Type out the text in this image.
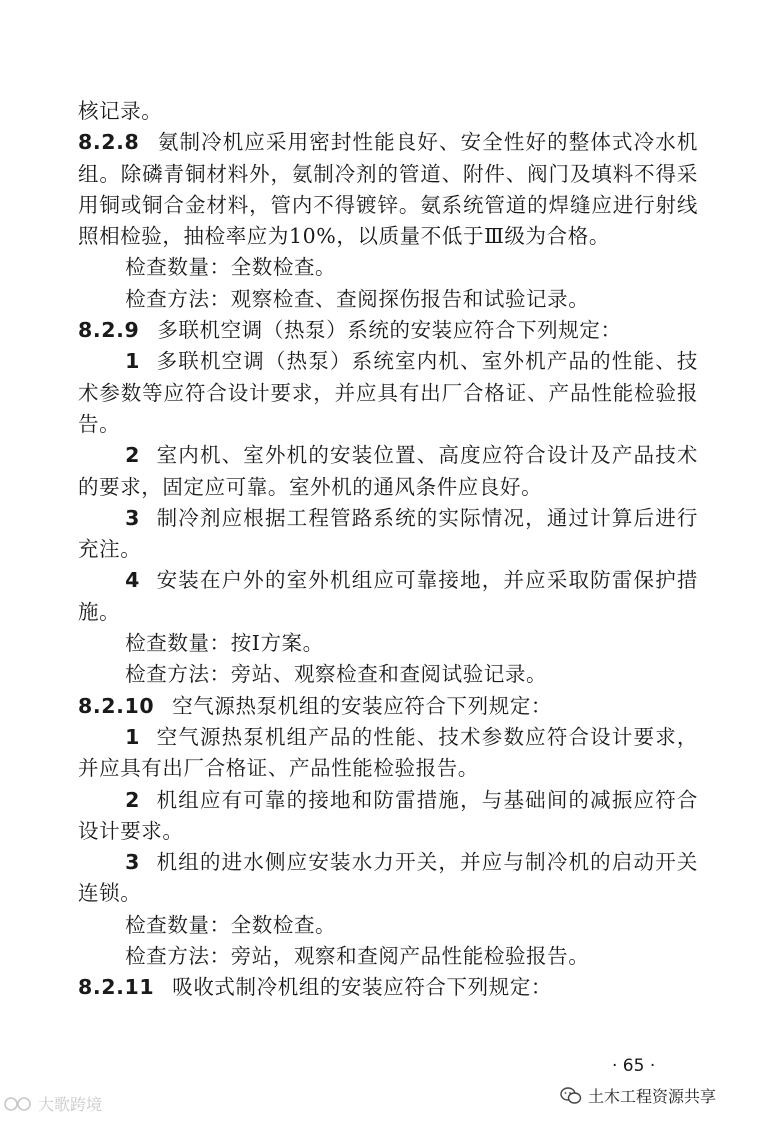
核记录。

8.2.8 氨制冷机应采用密封性能良好、安全性好的整体式冷水机组。除磷青铜材料外，氨制冷剂的管道、附件、阀门及填料不得采用铜或铜合金材料，管内不得镀锌。氨系统管道的焊缝应进行射线照相检验，抽检率应为10%，以质量不低于Ⅲ级为合格。

检查数量：全数检查。

检查方法：观察检查、查阅探伤报告和试验记录。

8.2.9 多联机空调（热泵）系统的安装应符合下列规定：

1 多联机空调（热泵）系统室内机、室外机产品的性能、技术参数等应符合设计要求，并应具有出厂合格证、产品性能检验报告。

2 室内机、室外机的安装位置、高度应符合设计及产品技术的要求，固定应可靠。室外机的通风条件应良好。

3 制冷剂应根据工程管路系统的实际情况，通过计算后进行充注。

4 安装在户外的室外机组应可靠接地，并应采取防雷保护措施。

检查数量：按Ⅰ方案。

检查方法：旁站、观察检查和查阅试验记录。

8.2.10 空气源热泵机组的安装应符合下列规定：

1 空气源热泵机组产品的性能、技术参数应符合设计要求，并应具有出厂合格证、产品性能检验报告。

2 机组应有可靠的接地和防雷措施，与基础间的减振应符合设计要求。

3 机组的进水侧应安装水力开关，并应与制冷机的启动开关连锁。

检查数量：全数检查。

检查方法：旁站，观察和查阅产品性能检验报告。

8.2.11 吸收式制冷机组的安装应符合下列规定：

· 65 ·
土木工程资源共享
大歌跨境
